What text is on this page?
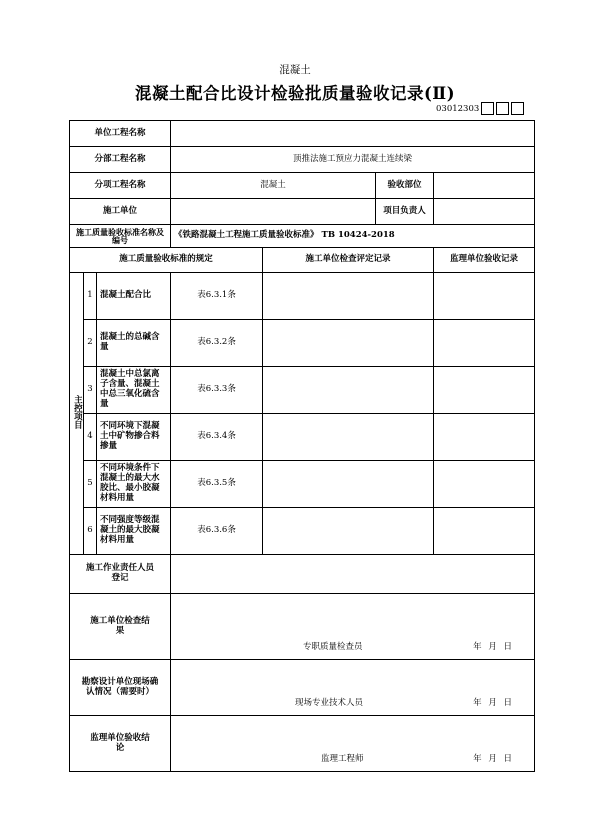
混凝土
混凝土配合比设计检验批质量验收记录(Ⅱ)
03012303
单位工程名称						
分部工程名称			顶推法施工预应力混凝土连续梁			
分项工程名称			混凝土		验收部位	
施工单位					项目负责人	
施工质量验收标准名称及编号			《铁路混凝土工程施工质量验收标准》 TB 10424-2018			
施工质量验收标准的规定				施工单位检查评定记录		监理单位验收记录
主控项目	1	混凝土配合比	表6.3.1条			
	2	混凝土的总碱含量	表6.3.2条			
	3	混凝土中总氯离子含量、混凝土中总三氧化硫含量	表6.3.3条			
	4	不同环境下混凝土中矿物掺合料掺量	表6.3.4条			
	5	不同环境条件下混凝土的最大水胶比、最小胶凝材料用量	表6.3.5条			
	6	不同强度等级混凝土的最大胶凝材料用量	表6.3.6条			
施工作业责任人员登记						
施工单位检查结果			专职质量检查员 年 月 日			

勘察设计单位现场确认情况（需要时）			现场专业技术人员 年 月 日			

监理单位验收结论			监理工程师 年 月 日			
